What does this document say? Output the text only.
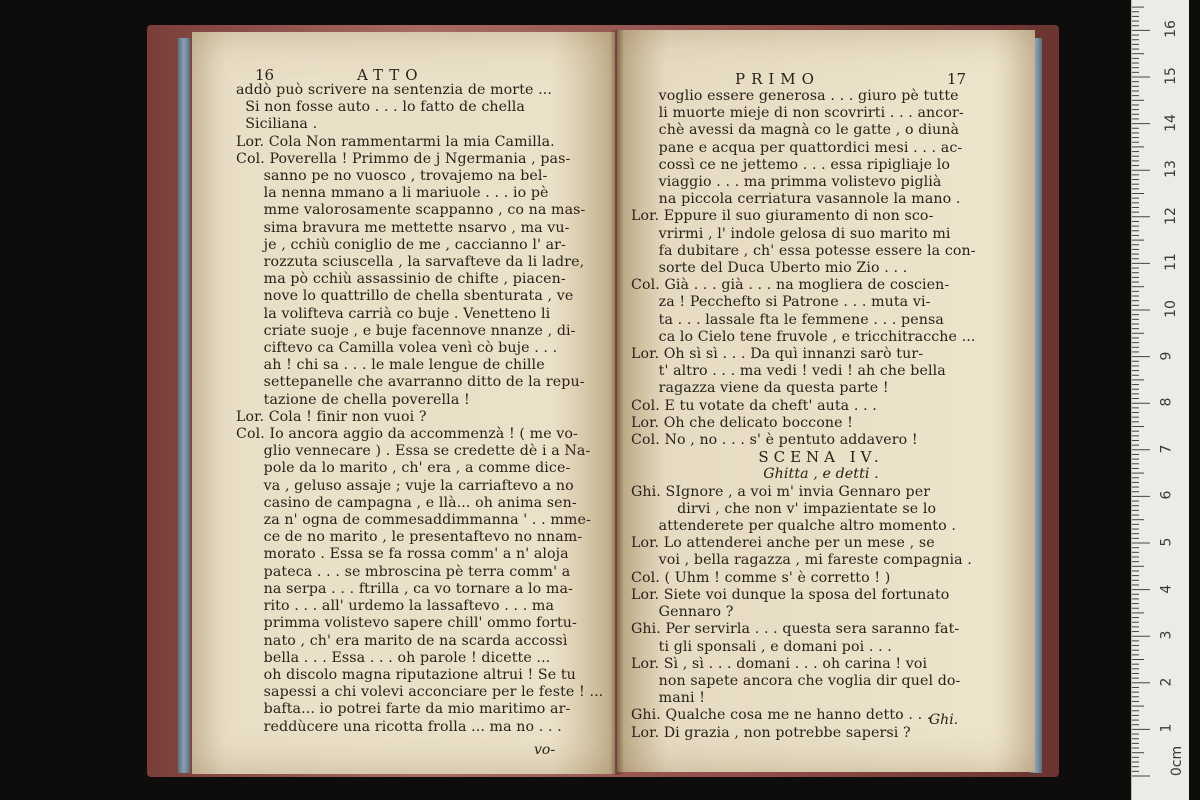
16	ATTO
addò può scrivere na sentenzia de morte ...
Si non fosse auto . . . lo fatto de chella
Siciliana .
Lor. Cola Non rammentarmi la mia Camilla.
Col. Poverella ! Primmo de j Ngermania , pas-
sanno pe no vuosco , trovajemo na bel-
la nenna mmano a li mariuole . . . io pè
mme valorosamente scappanno , co na mas-
sima bravura me mettette nsarvo , ma vu-
je , cchiù coniglio de me , caccianno l' ar-
rozzuta sciuscella , la sarvafteve da li ladre,
ma pò cchiù assassinio de chifte , piacen-
nove lo quattrillo de chella sbenturata , ve
la volifteva carrià co buje . Venetteno li
criate suoje , e buje facennove nnanze , di-
ciftevo ca Camilla volea venì cò buje . . .
ah ! chi sa . . . le male lengue de chille
settepanelle che avarranno ditto de la repu-
tazione de chella poverella !
Lor. Cola ! finir non vuoi ?
Col. Io ancora aggio da accommenzà ! ( me vo-
glio vennecare ) . Essa se credette dè i a Na-
pole da lo marito , ch' era , a comme dice-
va , geluso assaje ; vuje la carriaftevo a no
casino de campagna , e llà... oh anima sen-
za n' ogna de commesaddimmanna ' . . mme-
ce de no marito , le presentaftevo no nnam-
morato . Essa se fa rossa comm' a n' aloja
pateca . . . se mbroscina pè terra comm' a
na serpa . . . ftrilla , ca vo tornare a lo ma-
rito . . . all' urdemo la lassaftevo . . . ma
primma volistevo sapere chill' ommo fortu-
nato , ch' era marito de na scarda accossì
bella . . . Essa . . . oh parole ! dicette ...
oh discolo magna riputazione altrui ! Se tu
sapessi a chi volevi acconciare per le feste ! ...
bafta... io potrei farte da mio maritimo ar-
reddùcere una ricotta frolla ... ma no . . .
vo-
PRIMO	17
voglio essere generosa . . . giuro pè tutte
li muorte mieje di non scovrirti . . . ancor-
chè avessi da magnà co le gatte , o diunà
pane e acqua per quattordici mesi . . . ac-
cossì ce ne jettemo . . . essa ripigliaje lo
viaggio . . . ma primma volistevo piglià
na piccola cerriatura vasannole la mano .
Lor. Eppure il suo giuramento di non sco-
vrirmi , l' indole gelosa di suo marito mi
fa dubitare , ch' essa potesse essere la con-
sorte del Duca Uberto mio Zio . . .
Col. Già . . . già . . . na mogliera de coscien-
za ! Pecchefto si Patrone . . . muta vi-
ta . . . lassale fta le femmene . . . pensa
ca lo Cielo tene fruvole , e tricchitracche ...
Lor. Oh sì sì . . . Da quì innanzi sarò tur-
t' altro . . . ma vedi ! vedi ! ah che bella
ragazza viene da questa parte !
Col. E tu votate da cheft' auta . . .
Lor. Oh che delicato boccone !
Col. No , no . . . s' è pentuto addavero !
SCENA IV.
Ghitta , e detti .
Ghi. SIgnore , a voi m' invia Gennaro per
dirvi , che non v' impazientate se lo
attenderete per qualche altro momento .
Lor. Lo attenderei anche per un mese , se
voi , bella ragazza , mi fareste compagnia .
Col. ( Uhm ! comme s' è corretto ! )
Lor. Siete voi dunque la sposa del fortunato
Gennaro ?
Ghi. Per servirla . . . questa sera saranno fat-
ti gli sponsali , e domani poi . . .
Lor. Sì , sì . . . domani . . . oh carina ! voi
non sapete ancora che voglia dir quel do-
mani !
Ghi. Qualche cosa me ne hanno detto . . .
Lor. Di grazia , non potrebbe sapersi ?
Ghi.
0cm
1
2
3
4
5
6
7
8
9
10
11
12
13
14
15
16
